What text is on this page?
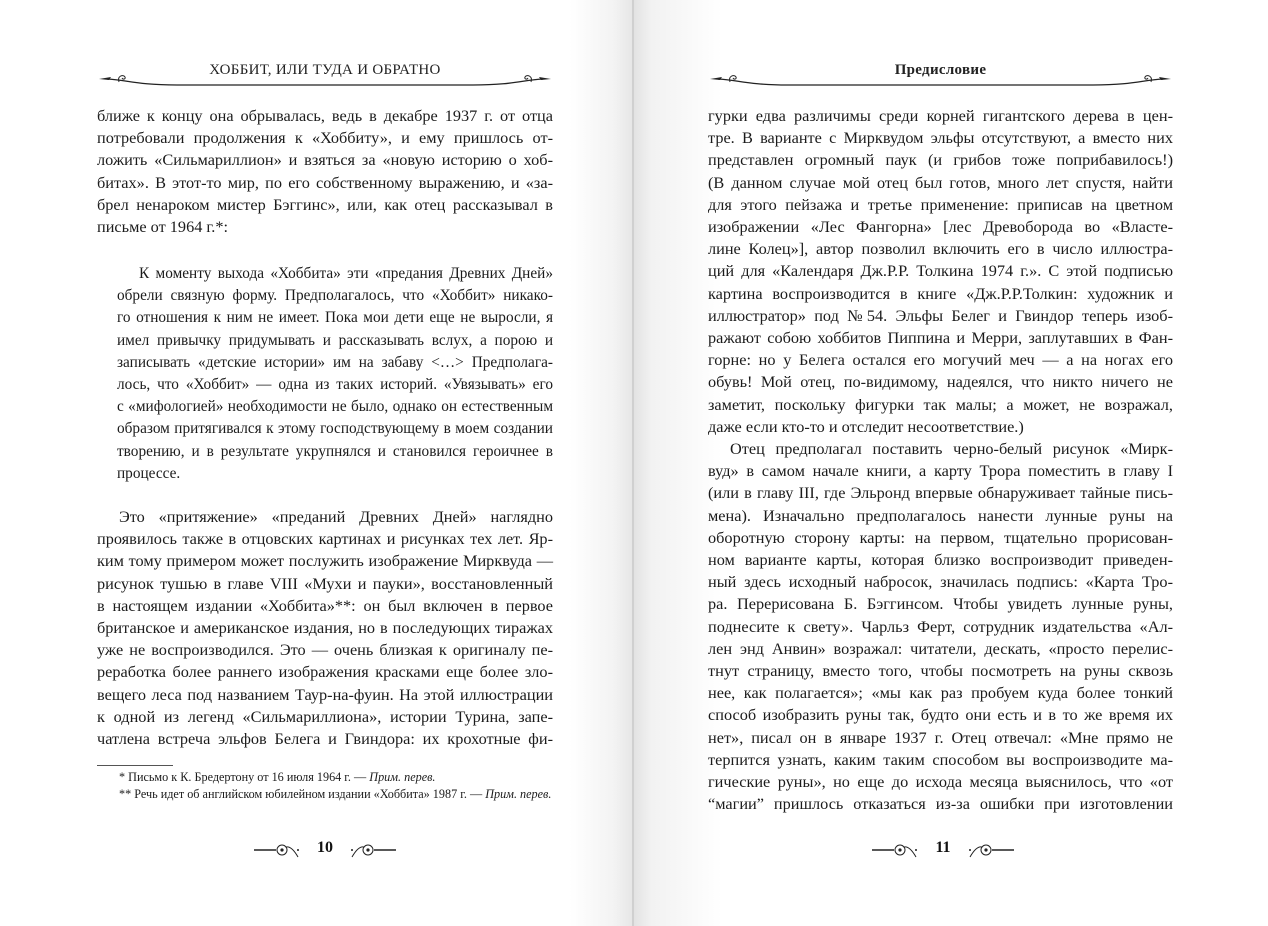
ХОББИТ, ИЛИ ТУДА И ОБРАТНО

ближе к концу она обрывалась, ведь в декабре 1937 г. от отца

потребовали продолжения к «Хоббиту», и ему пришлось от-

ложить «Сильмариллион» и взяться за «новую историю о хоб-

битах». В этот-то мир, по его собственному выражению, и «за-

брел ненароком мистер Бэггинс», или, как отец рассказывал в

письме от 1964 г.*:

К моменту выхода «Хоббита» эти «предания Древних Дней»

обрели связную форму. Предполагалось, что «Хоббит» никако-

го отношения к ним не имеет. Пока мои дети еще не выросли, я

имел привычку придумывать и рассказывать вслух, а порою и

записывать «детские истории» им на забаву <…> Предполага-

лось, что «Хоббит» — одна из таких историй. «Увязывать» его

с «мифологией» необходимости не было, однако он естественным

образом притягивался к этому господствующему в моем создании

творению, и в результате укрупнялся и становился героичнее в

процессе.

Это «притяжение» «преданий Древних Дней» наглядно

проявилось также в отцовских картинах и рисунках тех лет. Яр-

ким тому примером может послужить изображение Мирквуда —

рисунок тушью в главе VIII «Мухи и пауки», восстановленный

в настоящем издании «Хоббита»**: он был включен в первое

британское и американское издания, но в последующих тиражах

уже не воспроизводился. Это — очень близкая к оригиналу пе-

реработка более раннего изображения красками еще более зло-

вещего леса под названием Таур-на-фуин. На этой иллюстрации

к одной из легенд «Сильмариллиона», истории Турина, запе-

чатлена встреча эльфов Белега и Гвиндора: их крохотные фи-

* Письмо к К. Бредертону от 16 июля 1964 г. — Прим. перев.

** Речь идет об английском юбилейном издании «Хоббита» 1987 г. — Прим. перев.

10
Предисловие

гурки едва различимы среди корней гигантского дерева в цен-

тре. В варианте с Мирквудом эльфы отсутствуют, а вместо них

представлен огромный паук (и грибов тоже поприбавилось!)

(В данном случае мой отец был готов, много лет спустя, найти

для этого пейзажа и третье применение: приписав на цветном

изображении «Лес Фангорна» [лес Древоборода во «Власте-

лине Колец»], автор позволил включить его в число иллюстра-

ций для «Календаря Дж.Р.Р. Толкина 1974 г.». С этой подписью

картина воспроизводится в книге «Дж.Р.Р.Толкин: художник и

иллюстратор» под №54. Эльфы Белег и Гвиндор теперь изоб-

ражают собою хоббитов Пиппина и Мерри, заплутавших в Фан-

горне: но у Белега остался его могучий меч — а на ногах его

обувь! Мой отец, по-видимому, надеялся, что никто ничего не

заметит, поскольку фигурки так малы; а может, не возражал,

даже если кто-то и отследит несоответствие.)

Отец предполагал поставить черно-белый рисунок «Мирк-

вуд» в самом начале книги, а карту Трора поместить в главу I

(или в главу III, где Эльронд впервые обнаруживает тайные пись-

мена). Изначально предполагалось нанести лунные руны на

оборотную сторону карты: на первом, тщательно прорисован-

ном варианте карты, которая близко воспроизводит приведен-

ный здесь исходный набросок, значилась подпись: «Карта Тро-

ра. Перерисована Б. Бэггинсом. Чтобы увидеть лунные руны,

поднесите к свету». Чарльз Ферт, сотрудник издательства «Ал-

лен энд Анвин» возражал: читатели, дескать, «просто перелис-

тнут страницу, вместо того, чтобы посмотреть на руны сквозь

нее, как полагается»; «мы как раз пробуем куда более тонкий

способ изобразить руны так, будто они есть и в то же время их

нет», писал он в январе 1937 г. Отец отвечал: «Мне прямо не

терпится узнать, каким таким способом вы воспроизводите ма-

гические руны», но еще до исхода месяца выяснилось, что «от

“магии” пришлось отказаться из-за ошибки при изготовлении

11
